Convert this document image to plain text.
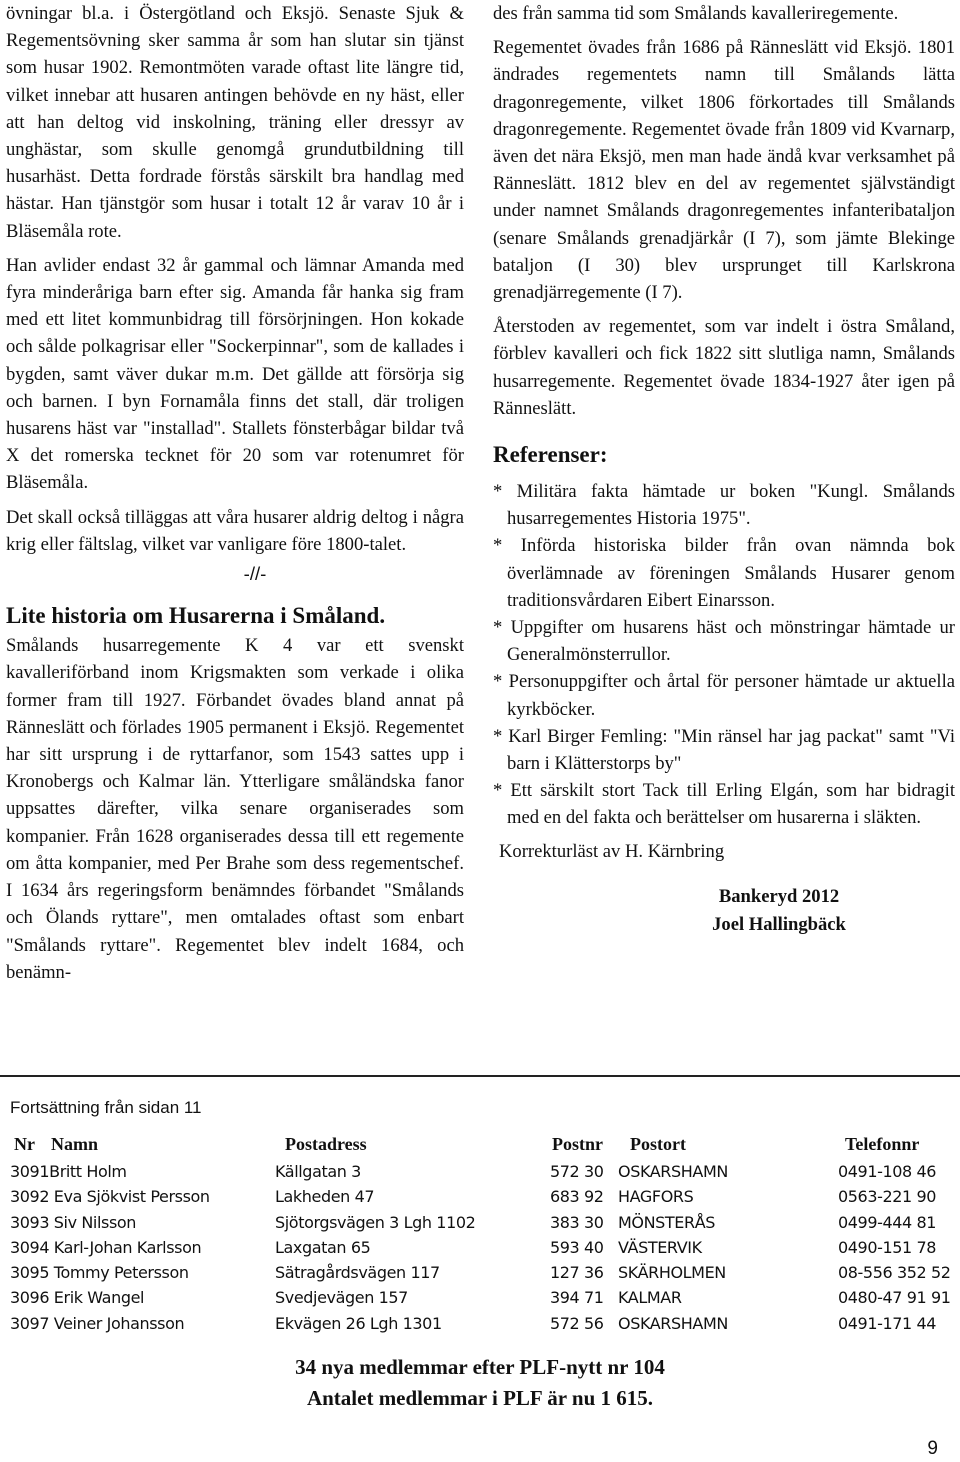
övningar bl.a. i Östergötland och Eksjö. Senaste Sjuk & Regementsövning sker samma år som han slutar sin tjänst som husar 1902. Remontmöten varade oftast lite längre tid, vilket innebar att husaren antingen behövde en ny häst, eller att han deltog vid inskolning, träning eller dressyr av unghästar, som skulle genomgå grundutbildning till husarhäst. Detta fordrade förstås särskilt bra handlag med hästar. Han tjänstgör som husar i totalt 12 år varav 10 år i Bläsemåla rote.

Han avlider endast 32 år gammal och lämnar Amanda med fyra minderåriga barn efter sig. Amanda får hanka sig fram med ett litet kommunbidrag till försörjningen. Hon kokade och sålde polkagrisar eller "Sockerpinnar", som de kallades i bygden, samt väver dukar m.m. Det gällde att försörja sig och barnen. I byn Fornamåla finns det stall, där troligen husarens häst var "installad". Stallets fönsterbågar bildar två X det romerska tecknet för 20 som var rotenumret för Bläsemåla.

Det skall också tilläggas att våra husarer aldrig deltog i några krig eller fältslag, vilket var vanligare före 1800-talet.

-//-
Lite historia om Husarerna i Småland.

Smålands husarregemente K 4 var ett svenskt kavalleriförband inom Krigsmakten som verkade i olika former fram till 1927. Förbandet övades bland annat på Ränneslätt och förlades 1905 permanent i Eksjö. Regementet har sitt ursprung i de ryttarfanor, som 1543 sattes upp i Kronobergs och Kalmar län. Ytterligare småländska fanor uppsattes därefter, vilka senare organiserades som kompanier. Från 1628 organiserades dessa till ett regemente om åtta kompanier, med Per Brahe som dess regementschef. I 1634 års regeringsform benämndes förbandet "Smålands och Ölands ryttare", men omtalades oftast som enbart "Smålands ryttare". Regementet blev indelt 1684, och benämn-

des från samma tid som Smålands kavalleriregemente.

Regementet övades från 1686 på Ränneslätt vid Eksjö. 1801 ändrades regementets namn till Smålands lätta dragonregemente, vilket 1806 förkortades till Smålands dragonregemente. Regementet övade från 1809 vid Kvarnarp, även det nära Eksjö, men man hade ändå kvar verksamhet på Ränneslätt. 1812 blev en del av regementet självständigt under namnet Smålands dragonregementes infanteribataljon (senare Smålands grenadjärkår (I 7), som jämte Blekinge bataljon (I 30) blev ursprunget till Karlskrona grenadjärregemente (I 7).

Återstoden av regementet, som var indelt i östra Småland, förblev kavalleri och fick 1822 sitt slutliga namn, Smålands husarregemente. Regementet övade 1834-1927 åter igen på Ränneslätt.

Referenser:

* Militära fakta hämtade ur boken "Kungl. Smålands husarregementes Historia 1975".

* Införda historiska bilder från ovan nämnda bok överlämnade av föreningen Smålands Husarer genom traditionsvårdaren Eibert Einarsson.

* Uppgifter om husarens häst och mönstringar hämtade ur Generalmönsterrullor.

* Personuppgifter och årtal för personer hämtade ur aktuella kyrkböcker.

* Karl Birger Femling: "Min ränsel har jag packat" samt "Vi barn i Klätterstorps by"

* Ett särskilt stort Tack till Erling Elgán, som har bidragit med en del fakta och berättelser om husarerna i släkten.

Korrekturläst av H. Kärnbring
Bankeryd 2012
Joel Hallingbäck
Fortsättning från sidan 11
Nr Namn	Postadress	Postnr Postort	Telefonnr
3091Britt Holm	Källgatan 3	572 30 OSKARSHAMN	0491-108 46
3092 Eva Sjökvist Persson	Lakheden 47	683 92 HAGFORS	0563-221 90
3093 Siv Nilsson	Sjötorgsvägen 3 Lgh 1102	383 30 MÖNSTERÅS	0499-444 81
3094 Karl-Johan Karlsson	Laxgatan 65	593 40 VÄSTERVIK	0490-151 78
3095 Tommy Petersson	Sätragårdsvägen 117	127 36 SKÄRHOLMEN	08-556 352 52
3096 Erik Wangel	Svedjevägen 157	394 71 KALMAR	0480-47 91 91
3097 Veiner Johansson	Ekvägen 26 Lgh 1301	572 56 OSKARSHAMN	0491-171 44
34 nya medlemmar efter PLF-nytt nr 104
Antalet medlemmar i PLF är nu 1 615.
9
